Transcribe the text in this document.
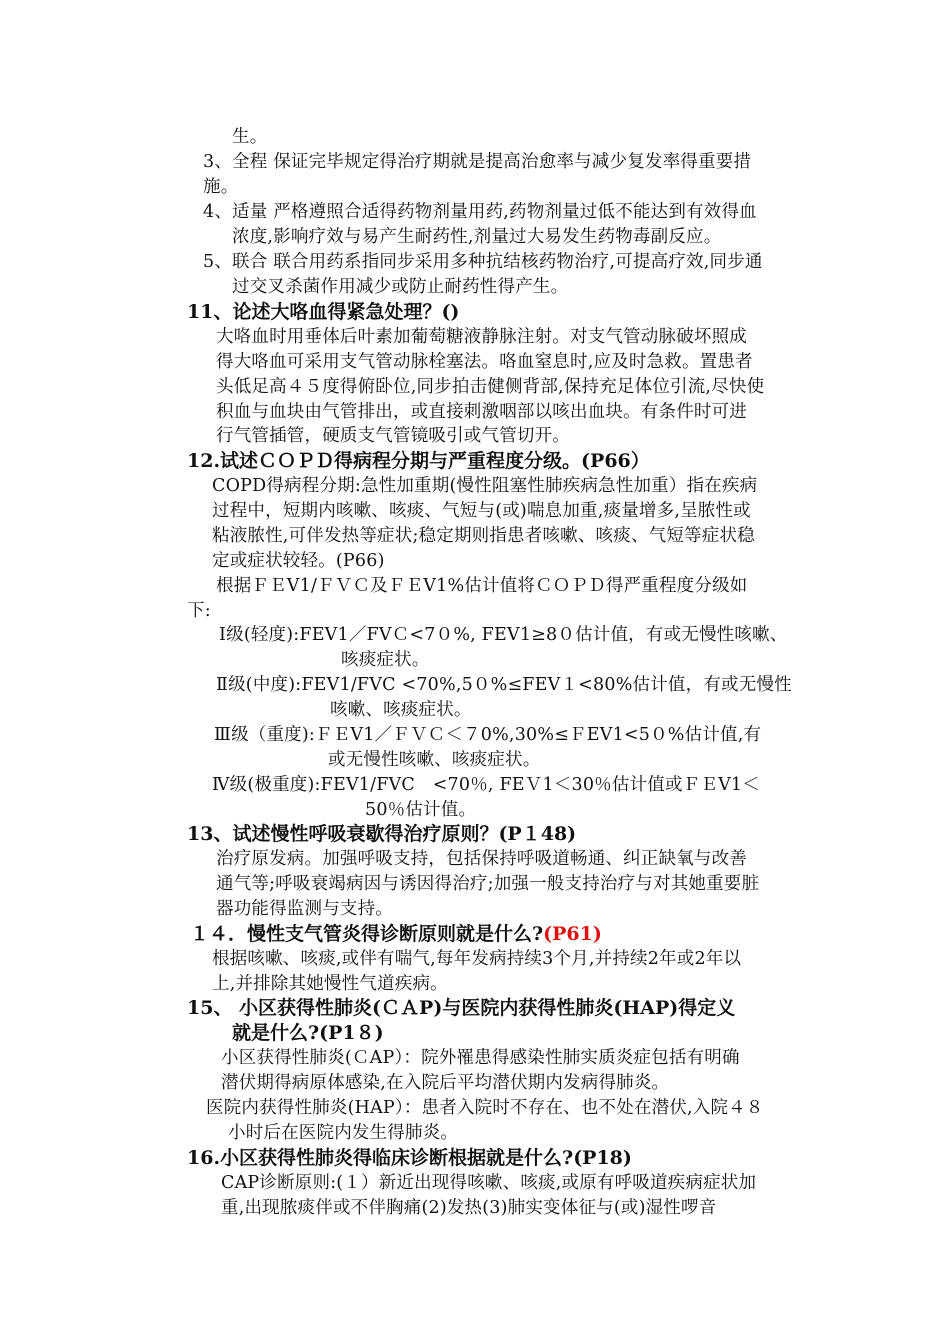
生。
3、全程 保证完毕规定得治疗期就是提高治愈率与减少复发率得重要措
施。
4、适量 严格遵照合适得药物剂量用药,药物剂量过低不能达到有效得血
浓度,影响疗效与易产生耐药性,剂量过大易发生药物毒副反应。
5、联合 联合用药系指同步采用多种抗结核药物治疗,可提高疗效,同步通
过交叉杀菌作用减少或防止耐药性得产生。
11、论述大咯血得紧急处理？()
大咯血时用垂体后叶素加葡萄糖液静脉注射。对支气管动脉破坏照成
得大咯血可采用支气管动脉栓塞法。咯血窒息时,应及时急救。置患者
头低足高４５度得俯卧位,同步拍击健侧背部,保持充足体位引流,尽快使
积血与血块由气管排出，或直接刺激咽部以咳出血块。有条件时可进
行气管插管，硬质支气管镜吸引或气管切开。
12.试述ＣＯＰＤ得病程分期与严重程度分级。(P66）
COPD得病程分期:急性加重期(慢性阻塞性肺疾病急性加重）指在疾病
过程中，短期内咳嗽、咳痰、气短与(或)喘息加重,痰量增多,呈脓性或
粘液脓性,可伴发热等症状;稳定期则指患者咳嗽、咳痰、气短等症状稳
定或症状较轻。(P66)
根据ＦＥV1/ＦＶＣ及ＦＥV1%估计值将ＣＯＰＤ得严重程度分级如
下:
Ⅰ级(轻度):FEV1／FVＣ<7０%, FEV1≥8０估计值，有或无慢性咳嗽、
咳痰症状。
Ⅱ级(中度):FEV1/FVC <70%,5０%≤FEV１<80%估计值，有或无慢性
咳嗽、咳痰症状。
Ⅲ级（重度):ＦＥV1／ＦＶＣ＜７0%,30%≤ＦEV1<5０%估计值,有
或无慢性咳嗽、咳痰症状。
Ⅳ级(极重度):FEV1/FVC　<70％, FEＶ1＜30％估计值或ＦＥV1＜
50％估计值。
13、试述慢性呼吸衰歇得治疗原则？(P１48)
治疗原发病。加强呼吸支持，包括保持呼吸道畅通、纠正缺氧与改善
通气等;呼吸衰竭病因与诱因得治疗;加强一般支持治疗与对其她重要脏
器功能得监测与支持。
１４．慢性支气管炎得诊断原则就是什么?(P61)
根据咳嗽、咳痰,或伴有喘气,每年发病持续3个月,并持续2年或2年以
上,并排除其她慢性气道疾病。
15、 小区获得性肺炎(ＣＡP)与医院内获得性肺炎(HAP)得定义
就是什么?(P1８)
小区获得性肺炎(ＣAP）：院外罹患得感染性肺实质炎症包括有明确
潜伏期得病原体感染,在入院后平均潜伏期内发病得肺炎。
医院内获得性肺炎(HAP）：患者入院时不存在、也不处在潜伏,入院４８
小时后在医院内发生得肺炎。
16.小区获得性肺炎得临床诊断根据就是什么?(P18)
CAP诊断原则:(１）新近出现得咳嗽、咳痰,或原有呼吸道疾病症状加
重,出现脓痰伴或不伴胸痛(2)发热(3)肺实变体征与(或)湿性啰音
